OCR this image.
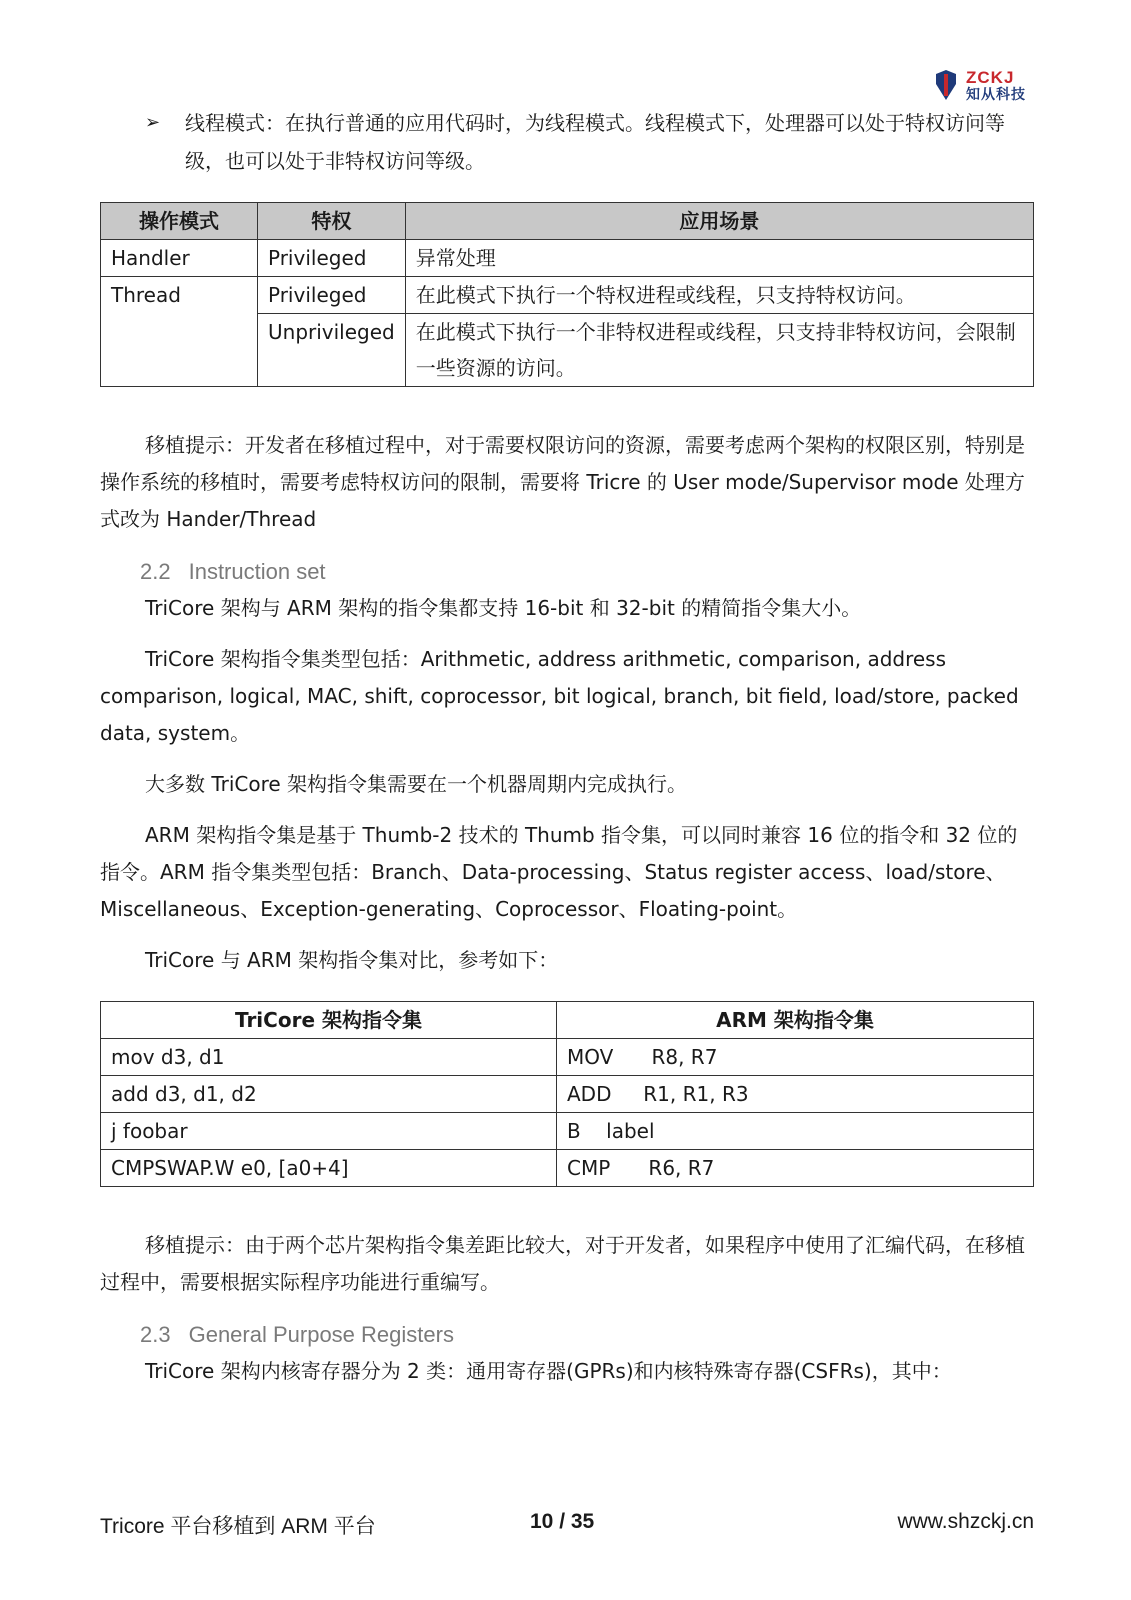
ZCKJ
知从科技

➢ 线程模式：在执行普通的应用代码时，为线程模式。线程模式下，处理器可以处于特权访问等级，也可以处于非特权访问等级。

操作模式	特权	应用场景
Handler	Privileged	异常处理
Thread	Privileged	在此模式下执行一个特权进程或线程，只支持特权访问。
	Unprivileged	在此模式下执行一个非特权进程或线程，只支持非特权访问，会限制一些资源的访问。

移植提示：开发者在移植过程中，对于需要权限访问的资源，需要考虑两个架构的权限区别，特别是操作系统的移植时，需要考虑特权访问的限制，需要将 Tricre 的 User mode/Supervisor mode 处理方式改为 Hander/Thread

2.2 Instruction set

TriCore 架构与 ARM 架构的指令集都支持 16-bit 和 32-bit 的精简指令集大小。

TriCore 架构指令集类型包括：Arithmetic, address arithmetic, comparison, address comparison, logical, MAC, shift, coprocessor, bit logical, branch, bit field, load/store, packed data, system。

大多数 TriCore 架构指令集需要在一个机器周期内完成执行。

ARM 架构指令集是基于 Thumb-2 技术的 Thumb 指令集，可以同时兼容 16 位的指令和 32 位的指令。ARM 指令集类型包括：Branch、Data-processing、Status register access、load/store、Miscellaneous、Exception-generating、Coprocessor、Floating-point。

TriCore 与 ARM 架构指令集对比，参考如下：

TriCore 架构指令集	ARM 架构指令集
mov d3, d1	MOV      R8, R7
add d3, d1, d2	ADD     R1, R1, R3
j foobar	B    label
CMPSWAP.W e0, [a0+4]	CMP      R6, R7

移植提示：由于两个芯片架构指令集差距比较大，对于开发者，如果程序中使用了汇编代码，在移植过程中，需要根据实际程序功能进行重编写。

2.3 General Purpose Registers

TriCore 架构内核寄存器分为 2 类：通用寄存器(GPRs)和内核特殊寄存器(CSFRs)，其中：

Tricore 平台移植到 ARM 平台	10 / 35	www.shzckj.cn
